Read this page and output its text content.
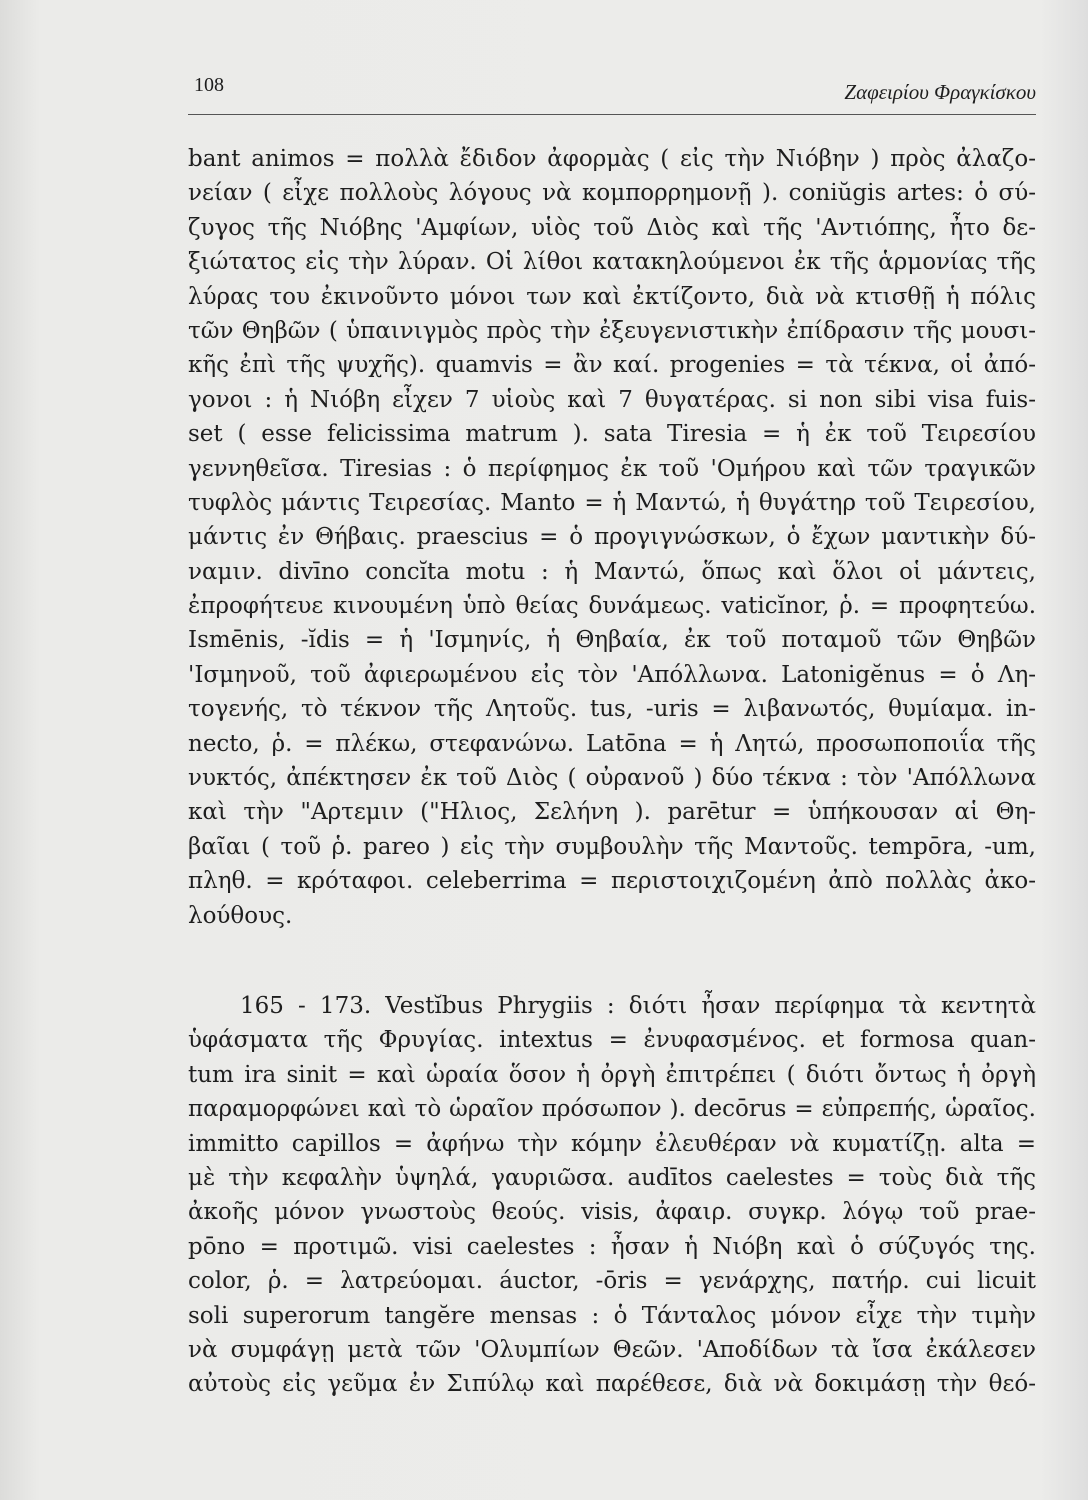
108	Ζαφειρίου Φραγκίσκου

bant animos = πολλὰ ἔδιδον ἀφορμὰς ( εἰς τὴν Νιόβην ) πρὸς ἀλαζο-
νείαν ( εἶχε πολλοὺς λόγους νὰ κομπορρημονῇ ). coniŭgis artes: ὁ σύ-
ζυγος τῆς Νιόβης 'Αμφίων, υἱὸς τοῦ Διὸς καὶ τῆς 'Αντιόπης, ἦτο δε-
ξιώτατος εἰς τὴν λύραν. Οἱ λίθοι κατακηλούμενοι ἐκ τῆς ἁρμονίας τῆς
λύρας του ἐκινοῦντο μόνοι των καὶ ἐκτίζοντο, διὰ νὰ κτισθῇ ἡ πόλις
τῶν Θηβῶν ( ὑπαινιγμὸς πρὸς τὴν ἐξευγενιστικὴν ἐπίδρασιν τῆς μουσι-
κῆς ἐπὶ τῆς ψυχῆς). quamvis = ἂν καί. progenies = τὰ τέκνα, οἱ ἀπό-
γονοι : ἡ Νιόβη εἶχεν 7 υἱοὺς καὶ 7 θυγατέρας. si non sibi visa fuis-
set ( esse felicissima matrum ). sata Tiresia = ἡ ἐκ τοῦ Τειρεσίου
γεννηθεῖσα. Tiresias : ὁ περίφημος ἐκ τοῦ 'Ομήρου καὶ τῶν τραγικῶν
τυφλὸς μάντις Τειρεσίας. Manto = ἡ Μαντώ, ἡ θυγάτηρ τοῦ Τειρεσίου,
μάντις ἐν Θήβαις. praescius = ὁ προγιγνώσκων, ὁ ἔχων μαντικὴν δύ-
ναμιν. divīno concĭta motu : ἡ Μαντώ, ὅπως καὶ ὅλοι οἱ μάντεις,
ἐπροφήτευε κινουμένη ὑπὸ θείας δυνάμεως. vaticĭnor, ῥ. = προφητεύω.
Ismēnis, -ĭdis = ἡ 'Ισμηνίς, ἡ Θηβαία, ἐκ τοῦ ποταμοῦ τῶν Θηβῶν
'Ισμηνοῦ, τοῦ ἀφιερωμένου εἰς τὸν 'Απόλλωνα. Latonigĕnus = ὁ Λη-
τογενής, τὸ τέκνον τῆς Λητοῦς. tus, -uris = λιβανωτός, θυμίαμα. in-
necto, ῥ. = πλέκω, στεφανώνω. Latōna = ἡ Λητώ, προσωποποιΐα τῆς
νυκτός, ἀπέκτησεν ἐκ τοῦ Διὸς ( οὐρανοῦ ) δύο τέκνα : τὸν 'Απόλλωνα
καὶ τὴν "Αρτεμιν ("Ηλιος, Σελήνη ). parētur = ὑπήκουσαν αἱ Θη-
βαῖαι ( τοῦ ῥ. pareo ) εἰς τὴν συμβουλὴν τῆς Μαντοῦς. tempōra, -um,
πληθ. = κρόταφοι. celeberrima = περιστοιχιζομένη ἀπὸ πολλὰς ἀκο-
λούθους.

165 - 173. Vestĭbus Phrygiis : διότι ἦσαν περίφημα τὰ κεντητὰ
ὑφάσματα τῆς Φρυγίας. intextus = ἐνυφασμένος. et formosa quan-
tum ira sinit = καὶ ὡραία ὅσον ἡ ὀργὴ ἐπιτρέπει ( διότι ὄντως ἡ ὀργὴ
παραμορφώνει καὶ τὸ ὡραῖον πρόσωπον ). decōrus = εὐπρεπής, ὡραῖος.
immitto capillos = ἀφήνω τὴν κόμην ἐλευθέραν νὰ κυματίζῃ. alta =
μὲ τὴν κεφαλὴν ὑψηλά, γαυριῶσα. audītos caelestes = τοὺς διὰ τῆς
ἀκοῆς μόνον γνωστοὺς θεούς. visis, ἀφαιρ. συγκρ. λόγῳ τοῦ prae-
pōno = προτιμῶ. visi caelestes : ἦσαν ἡ Νιόβη καὶ ὁ σύζυγός της.
color, ῥ. = λατρεύομαι. áuctor, -ōris = γενάρχης, πατήρ. cui licuit
soli superorum tangĕre mensas : ὁ Τάνταλος μόνον εἶχε τὴν τιμὴν
νὰ συμφάγῃ μετὰ τῶν 'Ολυμπίων Θεῶν. 'Αποδίδων τὰ ἴσα ἐκάλεσεν
αὐτοὺς εἰς γεῦμα ἐν Σιπύλῳ καὶ παρέθεσε, διὰ νὰ δοκιμάσῃ τὴν θεό-
